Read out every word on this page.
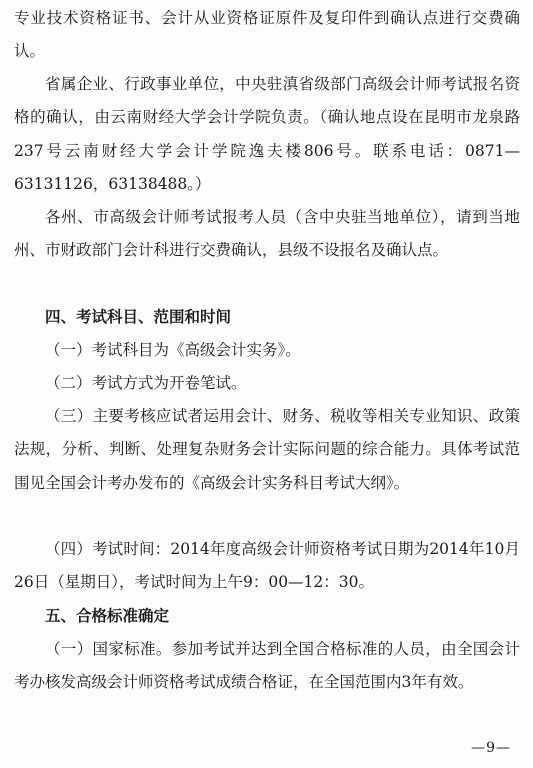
专业技术资格证书、会计从业资格证原件及复印件到确认点进行交费确认。

省属企业、行政事业单位，中央驻滇省级部门高级会计师考试报名资格的确认，由云南财经大学会计学院负责。（确认地点设在昆明市龙泉路237号云南财经大学会计学院逸夫楼806号。联系电话：0871—63131126，63138488。）

各州、市高级会计师考试报考人员（含中央驻当地单位），请到当地州、市财政部门会计科进行交费确认，县级不设报名及确认点。

四、考试科目、范围和时间

（一）考试科目为《高级会计实务》。

（二）考试方式为开卷笔试。

（三）主要考核应试者运用会计、财务、税收等相关专业知识、政策法规，分析、判断、处理复杂财务会计实际问题的综合能力。具体考试范围见全国会计考办发布的《高级会计实务科目考试大纲》。

（四）考试时间：2014年度高级会计师资格考试日期为2014年10月26日（星期日），考试时间为上午9：00—12：30。

五、合格标准确定

（一）国家标准。参加考试并达到全国合格标准的人员，由全国会计考办核发高级会计师资格考试成绩合格证，在全国范围内3年有效。

—9—
